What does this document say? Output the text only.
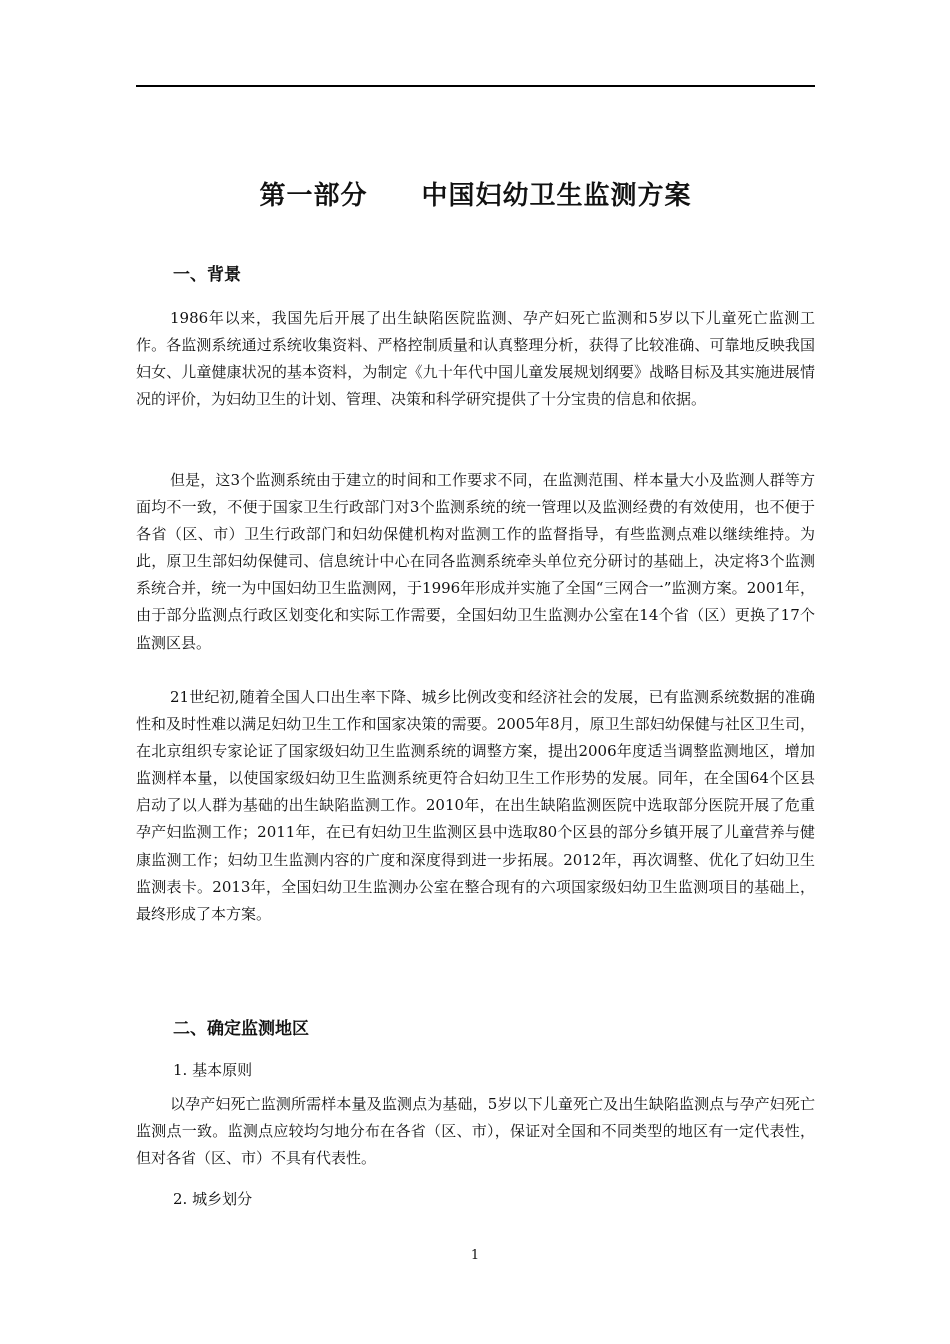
第一部分　　中国妇幼卫生监测方案
一、背景

1986年以来，我国先后开展了出生缺陷医院监测、孕产妇死亡监测和5岁以下儿童死亡监测工作。各监测系统通过系统收集资料、严格控制质量和认真整理分析，获得了比较准确、可靠地反映我国妇女、儿童健康状况的基本资料，为制定《九十年代中国儿童发展规划纲要》战略目标及其实施进展情况的评价，为妇幼卫生的计划、管理、决策和科学研究提供了十分宝贵的信息和依据。

但是，这3个监测系统由于建立的时间和工作要求不同，在监测范围、样本量大小及监测人群等方面均不一致，不便于国家卫生行政部门对3个监测系统的统一管理以及监测经费的有效使用，也不便于各省（区、市）卫生行政部门和妇幼保健机构对监测工作的监督指导，有些监测点难以继续维持。为此，原卫生部妇幼保健司、信息统计中心在同各监测系统牵头单位充分研讨的基础上，决定将3个监测系统合并，统一为中国妇幼卫生监测网，于1996年形成并实施了全国“三网合一”监测方案。2001年，由于部分监测点行政区划变化和实际工作需要，全国妇幼卫生监测办公室在14个省（区）更换了17个监测区县。

21世纪初,随着全国人口出生率下降、城乡比例改变和经济社会的发展，已有监测系统数据的准确性和及时性难以满足妇幼卫生工作和国家决策的需要。2005年8月，原卫生部妇幼保健与社区卫生司，在北京组织专家论证了国家级妇幼卫生监测系统的调整方案，提出2006年度适当调整监测地区，增加监测样本量，以使国家级妇幼卫生监测系统更符合妇幼卫生工作形势的发展。同年，在全国64个区县启动了以人群为基础的出生缺陷监测工作。2010年，在出生缺陷监测医院中选取部分医院开展了危重孕产妇监测工作；2011年，在已有妇幼卫生监测区县中选取80个区县的部分乡镇开展了儿童营养与健康监测工作；妇幼卫生监测内容的广度和深度得到进一步拓展。2012年，再次调整、优化了妇幼卫生监测表卡。2013年，全国妇幼卫生监测办公室在整合现有的六项国家级妇幼卫生监测项目的基础上，最终形成了本方案。

二、确定监测地区

1. 基本原则

以孕产妇死亡监测所需样本量及监测点为基础，5岁以下儿童死亡及出生缺陷监测点与孕产妇死亡监测点一致。监测点应较均匀地分布在各省（区、市），保证对全国和不同类型的地区有一定代表性，但对各省（区、市）不具有代表性。

2. 城乡划分

1
